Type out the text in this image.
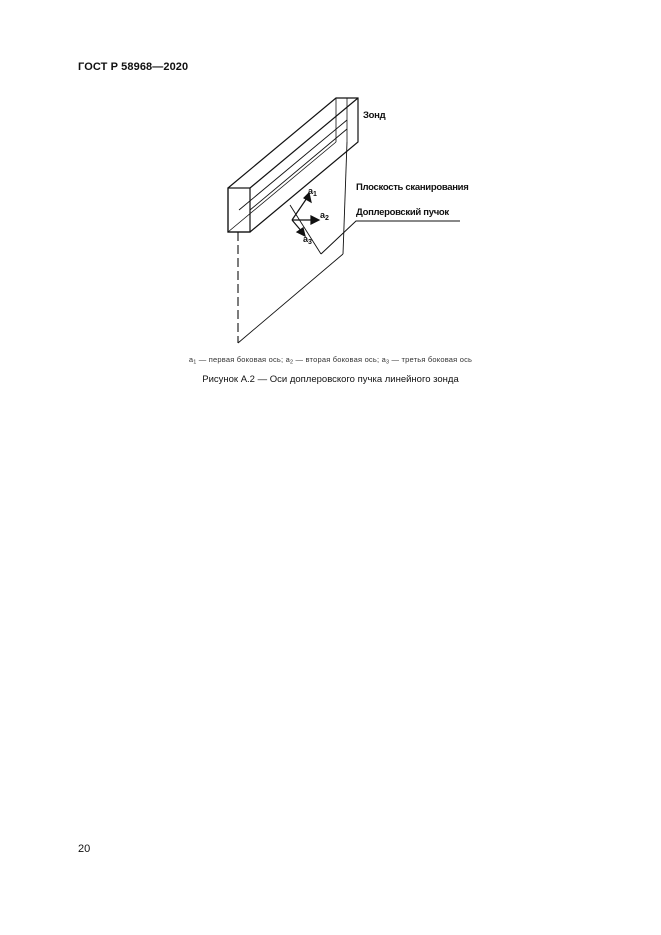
ГОСТ Р 58968—2020
Зонд
Плоскость сканирования
Доплеровский пучок
$a_1$
$a_2$
$a_3$
$a_1$ — первая боковая ось; $a_2$ — вторая боковая ось; $a_3$ — третья боковая ось
Рисунок А.2 — Оси доплеровского пучка линейного зонда
20
